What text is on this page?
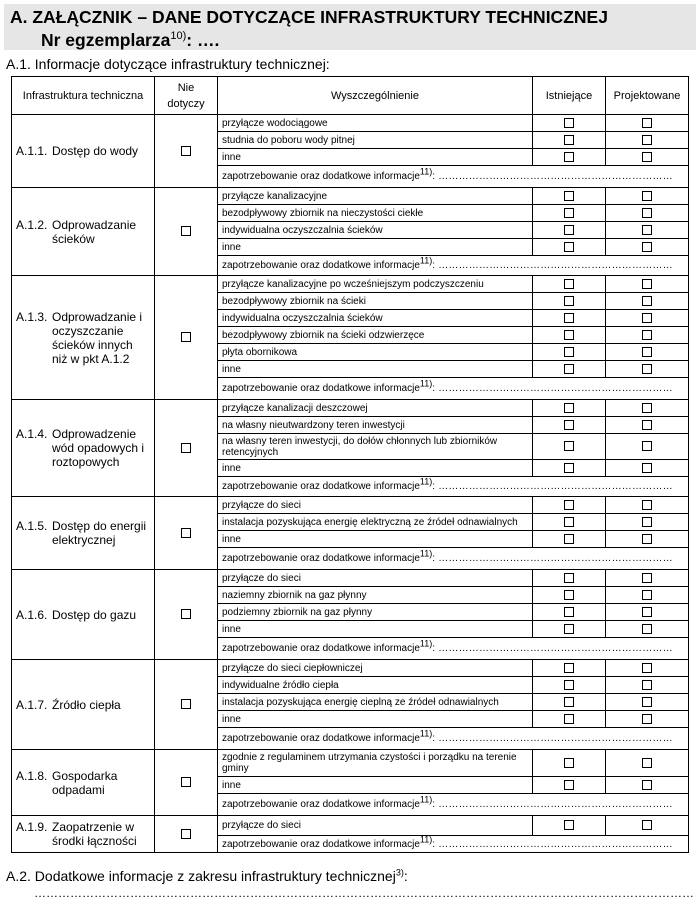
A. ZAŁĄCZNIK – DANE DOTYCZĄCE INFRASTRUKTURY TECHNICZNEJ
Nr egzemplarza$^{10)}$: ….
A.1. Informacje dotyczące infrastruktury technicznej:
Infrastruktura techniczna	Nie dotyczy	Wyszczególnienie	Istniejące	Projektowane

A.1.1. Dostęp do wody		przyłącze wodociągowe		
		studnia do poboru wody pitnej		
		inne		
		zapotrzebowanie oraz dodatkowe informacje$^{11)}$: ……………………………………………………………		

A.1.2. Odprowadzanie ścieków		przyłącze kanalizacyjne		
		bezodpływowy zbiornik na nieczystości ciekłe		
		indywidualna oczyszczalnia ścieków		
		inne		
		zapotrzebowanie oraz dodatkowe informacje$^{11)}$: ……………………………………………………………		

A.1.3. Odprowadzanie i oczyszczanie ścieków innych niż w pkt A.1.2		przyłącze kanalizacyjne po wcześniejszym podczyszczeniu		
		bezodpływowy zbiornik na ścieki		
		indywidualna oczyszczalnia ścieków		
		bezodpływowy zbiornik na ścieki odzwierzęce		
		płyta obornikowa		
		inne		
		zapotrzebowanie oraz dodatkowe informacje$^{11)}$: ……………………………………………………………		

A.1.4. Odprowadzenie wód opadowych i roztopowych		przyłącze kanalizacji deszczowej		
		na własny nieutwardzony teren inwestycji		
		na własny teren inwestycji, do dołów chłonnych lub zbiorników retencyjnych		
		inne		
		zapotrzebowanie oraz dodatkowe informacje$^{11)}$: ……………………………………………………………		

A.1.5. Dostęp do energii elektrycznej		przyłącze do sieci		
		instalacja pozyskująca energię elektryczną ze źródeł odnawialnych		
		inne		
		zapotrzebowanie oraz dodatkowe informacje$^{11)}$: ……………………………………………………………		

A.1.6. Dostęp do gazu		przyłącze do sieci		
		naziemny zbiornik na gaz płynny		
		podziemny zbiornik na gaz płynny		
		inne		
		zapotrzebowanie oraz dodatkowe informacje$^{11)}$: ……………………………………………………………		

A.1.7. Źródło ciepła		przyłącze do sieci ciepłowniczej		
		indywidualne źródło ciepła		
		instalacja pozyskująca energię cieplną ze źródeł odnawialnych		
		inne		
		zapotrzebowanie oraz dodatkowe informacje$^{11)}$: ……………………………………………………………		

A.1.8. Gospodarka odpadami		zgodnie z regulaminem utrzymania czystości i porządku na terenie gminy		
		inne		
		zapotrzebowanie oraz dodatkowe informacje$^{11)}$: ……………………………………………………………		

A.1.9. Zaopatrzenie w środki łączności		przyłącze do sieci		
		zapotrzebowanie oraz dodatkowe informacje$^{11)}$: ……………………………………………………………		
A.2. Dodatkowe informacje z zakresu infrastruktury technicznej$^{3)}$:
…………………………………………………………………………………………………………………………………………………
